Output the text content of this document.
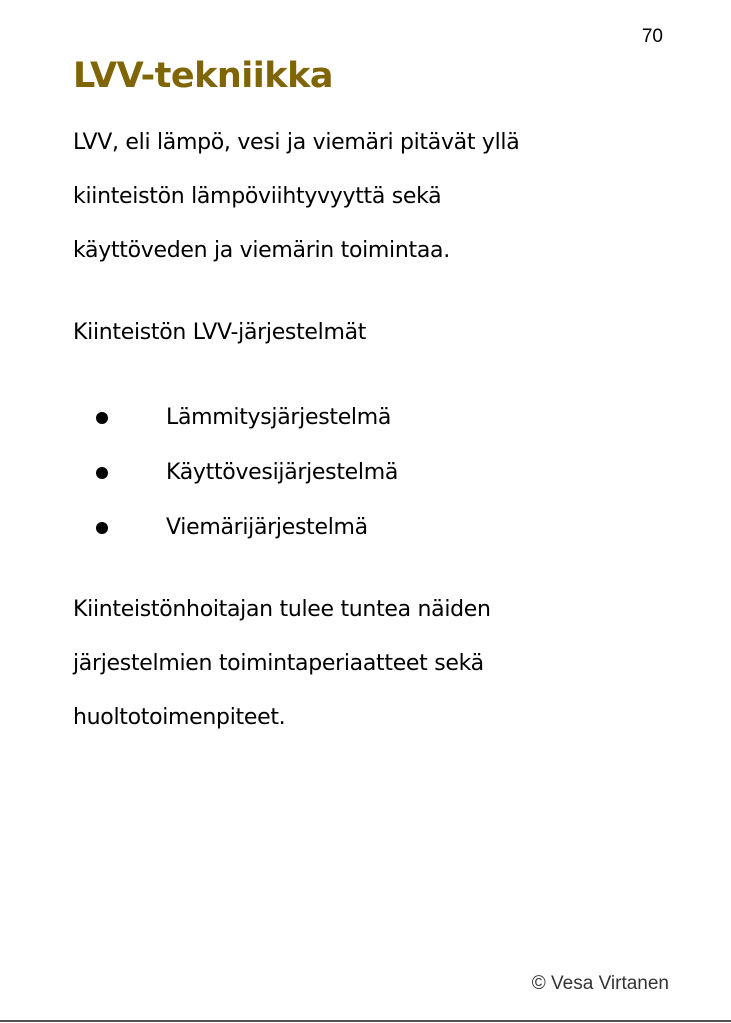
70
LVV-tekniikka

LVV, eli lämpö, vesi ja viemäri pitävät yllä
kiinteistön lämpöviihtyvyyttä sekä
käyttöveden ja viemärin toimintaa.

Kiinteistön LVV-järjestelmät

Lämmitysjärjestelmä
Käyttövesijärjestelmä
Viemärijärjestelmä

Kiinteistönhoitajan tulee tuntea näiden
järjestelmien toimintaperiaatteet sekä
huoltotoimenpiteet.

© Vesa Virtanen
